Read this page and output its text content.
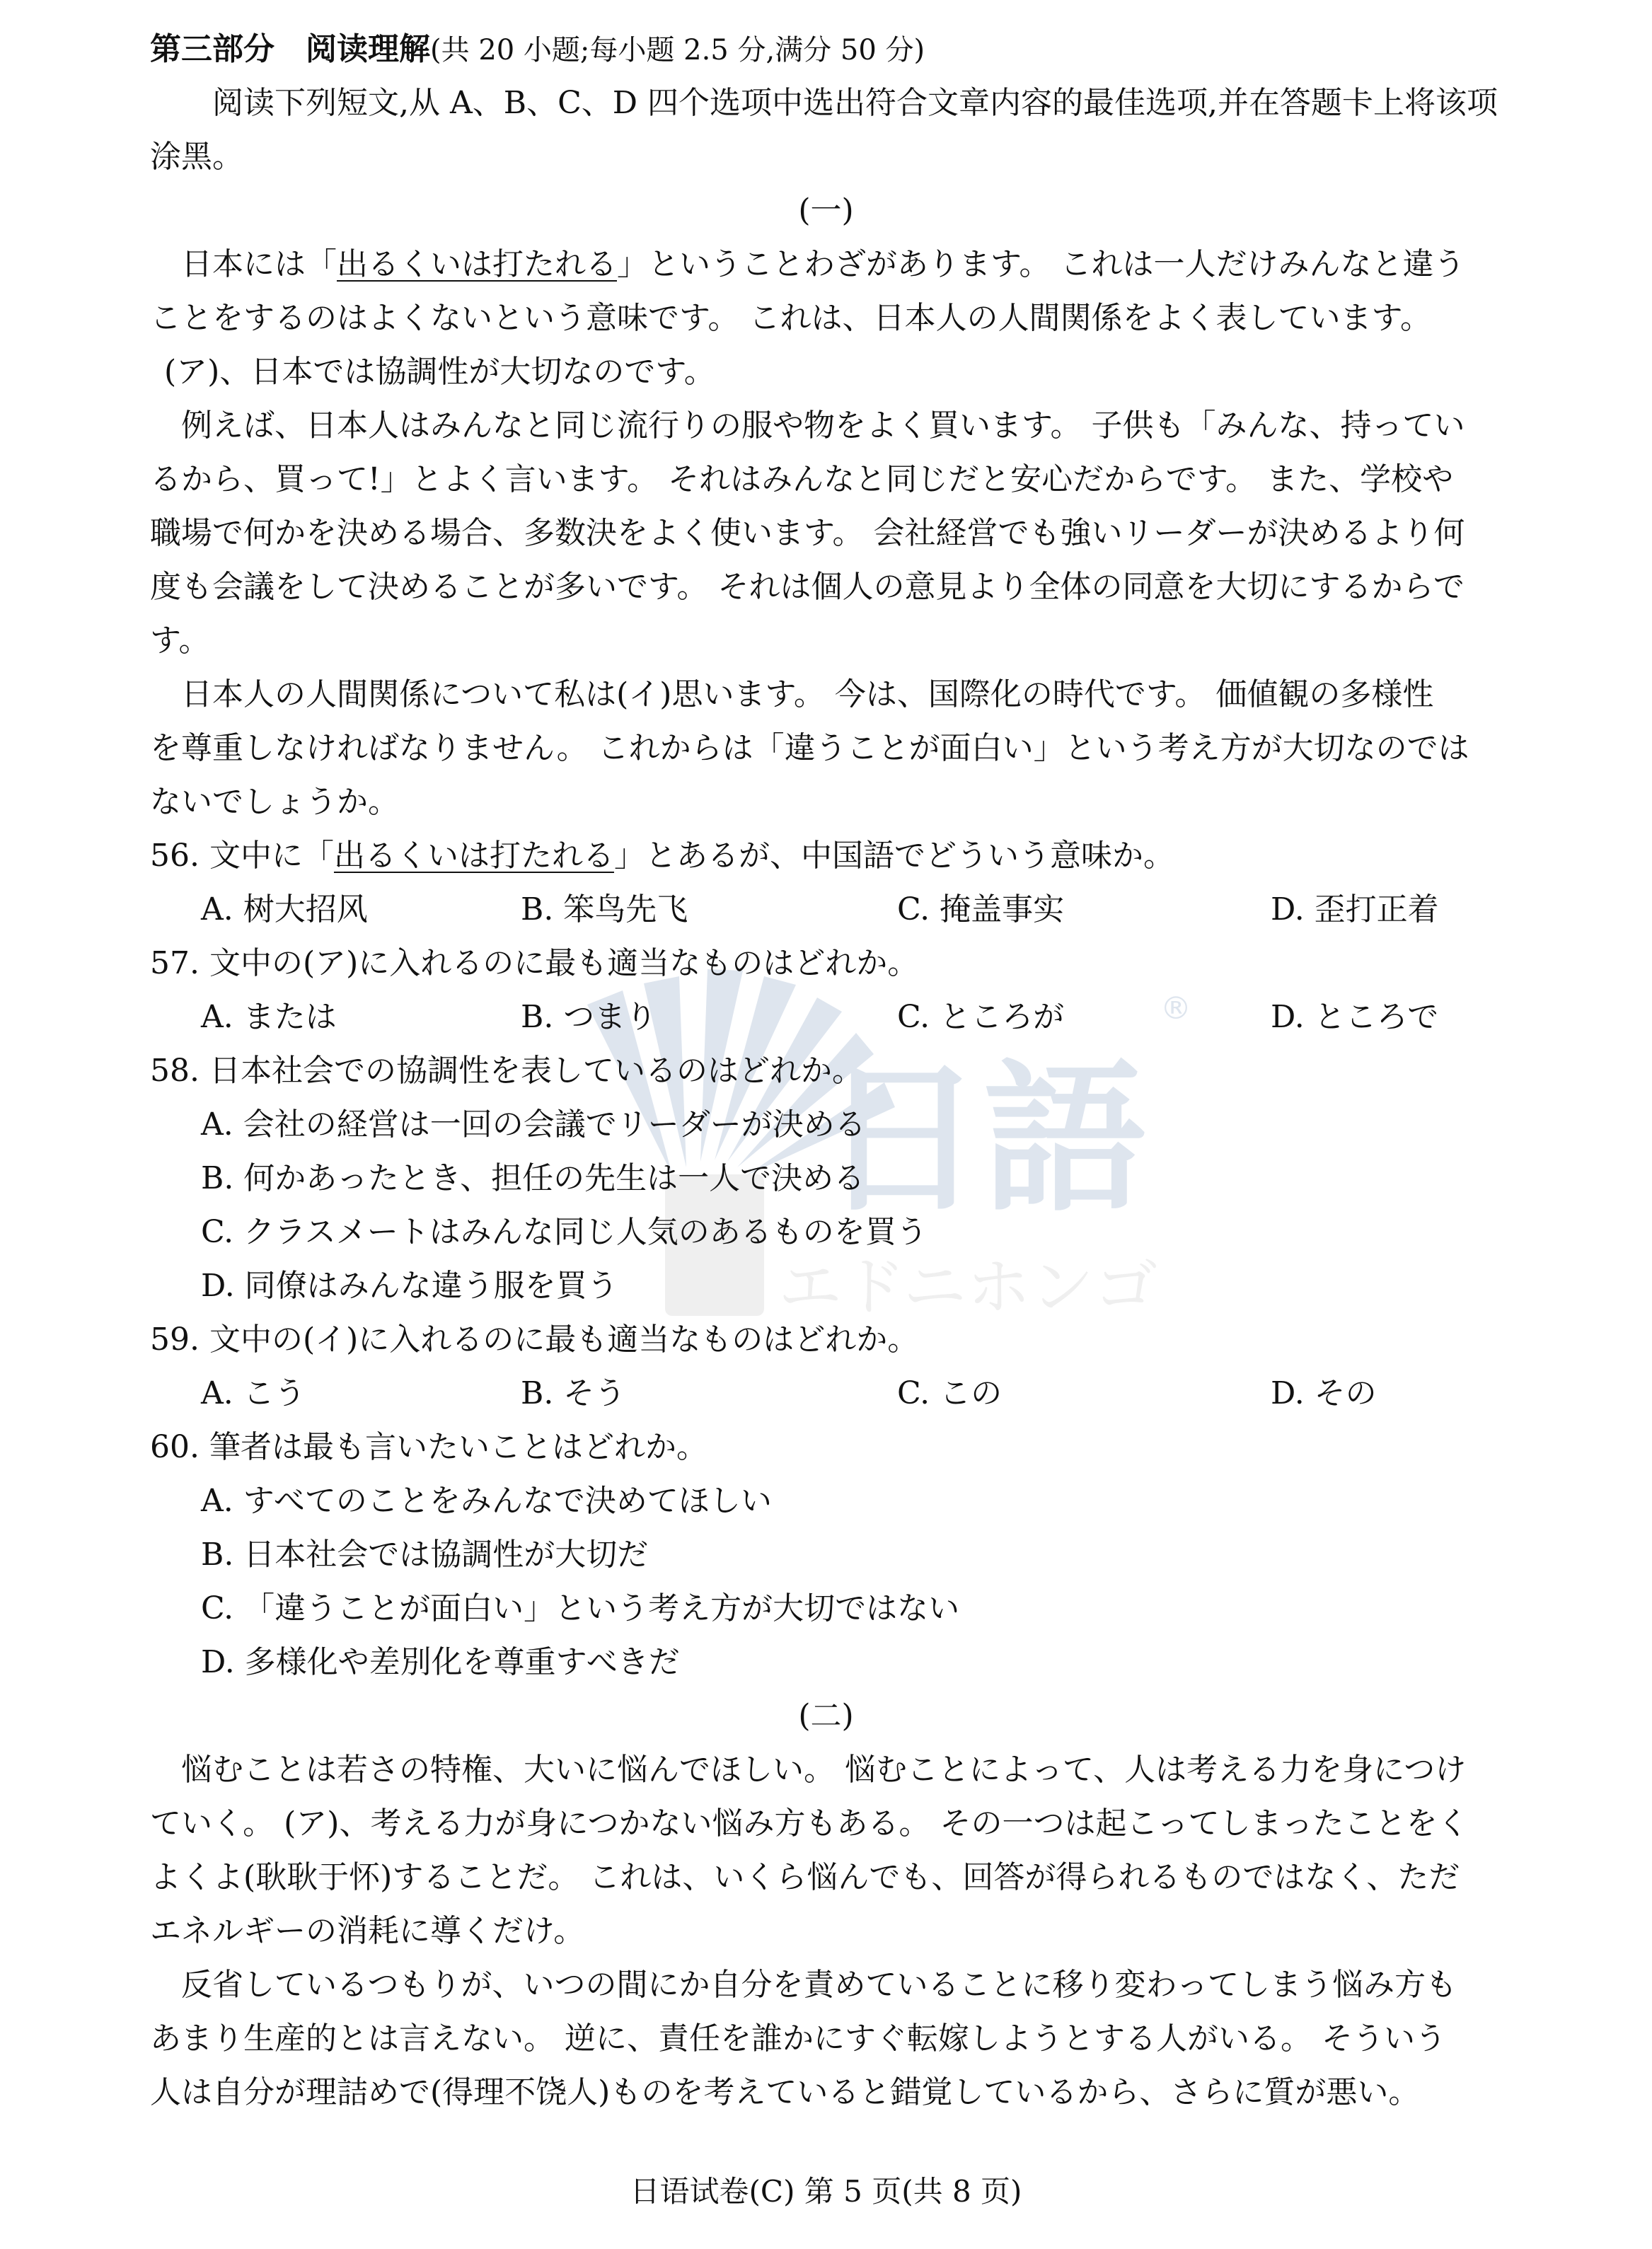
日語
®
エドニホンゴ
第三部分　阅读理解(共 20 小题;每小题 2.5 分,满分 50 分)
阅读下列短文,从 A、B、C、D 四个选项中选出符合文章内容的最佳选项,并在答题卡上将该项
涂黑。
(一)
日本には「出るくいは打たれる」ということわざがあります。 これは一人だけみんなと違う
ことをするのはよくないという意味です。 これは、日本人の人間関係をよく表しています。
(ア)、日本では協調性が大切なのです。
例えば、日本人はみんなと同じ流行りの服や物をよく買います。 子供も「みんな、持ってい
るから、買って!」とよく言います。 それはみんなと同じだと安心だからです。 また、学校や
職場で何かを決める場合、多数決をよく使います。 会社経営でも強いリーダーが決めるより何
度も会議をして決めることが多いです。 それは個人の意見より全体の同意を大切にするからで
す。
日本人の人間関係について私は(イ)思います。 今は、国際化の時代です。 価値観の多様性
を尊重しなければなりません。 これからは「違うことが面白い」という考え方が大切なのでは
ないでしょうか。
56. 文中に「出るくいは打たれる」とあるが、中国語でどういう意味か。
A. 树大招风	B. 笨鸟先飞	C. 掩盖事实	D. 歪打正着
57. 文中の(ア)に入れるのに最も適当なものはどれか。
A. または	B. つまり	C. ところが	D. ところで
58. 日本社会での協調性を表しているのはどれか。
A. 会社の経営は一回の会議でリーダーが決める
B. 何かあったとき、担任の先生は一人で決める
C. クラスメートはみんな同じ人気のあるものを買う
D. 同僚はみんな違う服を買う
59. 文中の(イ)に入れるのに最も適当なものはどれか。
A. こう	B. そう	C. この	D. その
60. 筆者は最も言いたいことはどれか。
A. すべてのことをみんなで決めてほしい
B. 日本社会では協調性が大切だ
C. 「違うことが面白い」という考え方が大切ではない
D. 多様化や差別化を尊重すべきだ
(二)
悩むことは若さの特権、大いに悩んでほしい。 悩むことによって、人は考える力を身につけ
ていく。 (ア)、考える力が身につかない悩み方もある。 その一つは起こってしまったことをく
よくよ(耿耿于怀)することだ。 これは、いくら悩んでも、回答が得られるものではなく、ただ
エネルギーの消耗に導くだけ。
反省しているつもりが、いつの間にか自分を責めていることに移り変わってしまう悩み方も
あまり生産的とは言えない。 逆に、責任を誰かにすぐ転嫁しようとする人がいる。 そういう
人は自分が理詰めで(得理不饶人)ものを考えていると錯覚しているから、さらに質が悪い。
日语试卷(C) 第 5 页(共 8 页)
